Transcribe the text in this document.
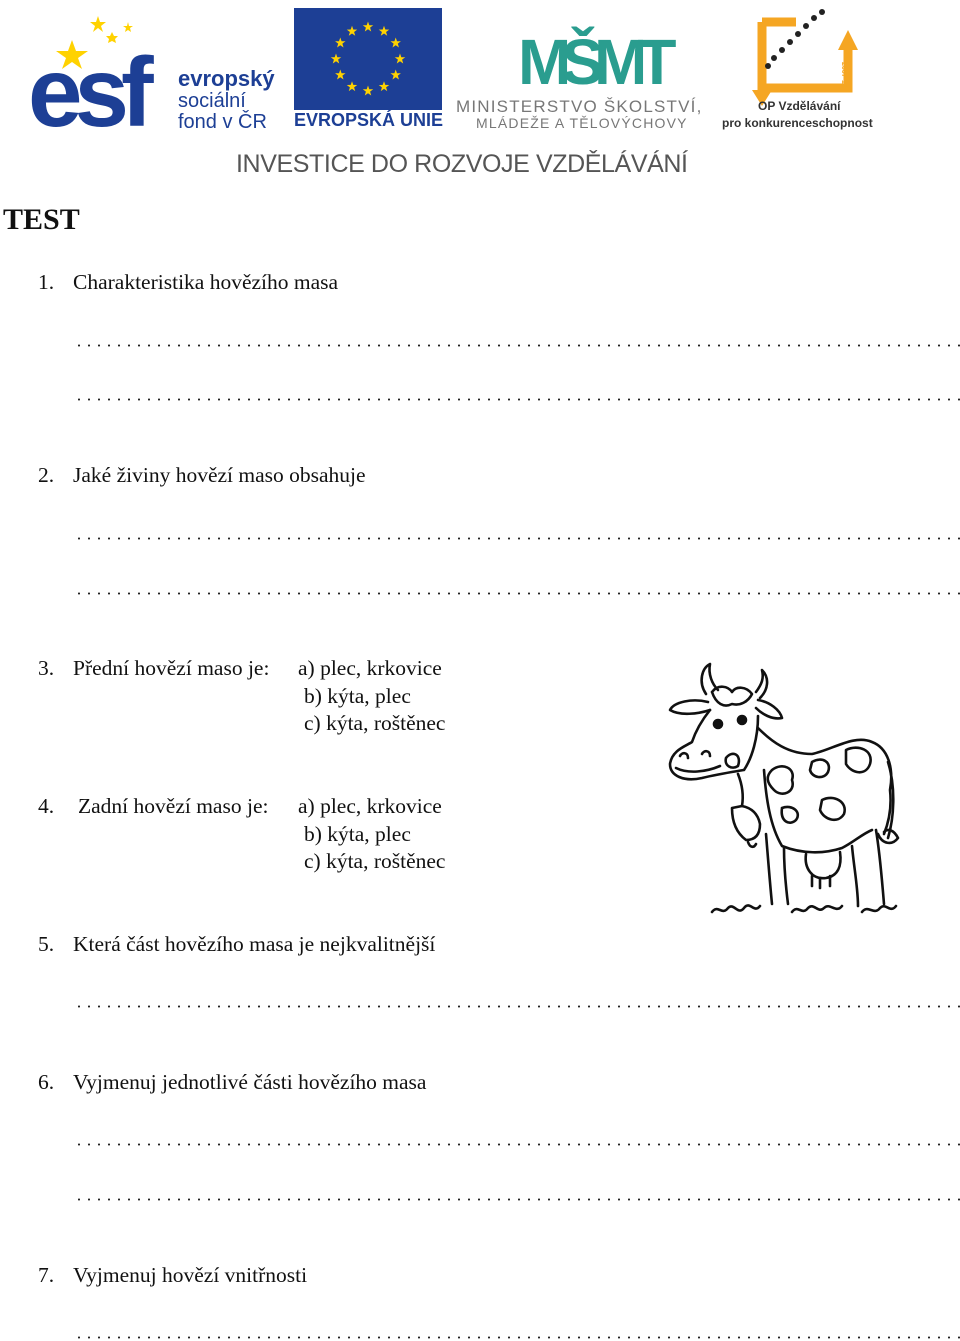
esf	evropský
sociální
fond v ČR EVROPSKÁ UNIE
MŠMT
MINISTERSTVO ŠKOLSTVÍ,
MLÁDEŽE A TĚLOVÝCHOVY
2007-13
OP Vzdělávání
pro konkurenceschopnost
INVESTICE DO ROZVOJE VZDĚLÁVÁNÍ
TEST
1. Charakteristika hovězího masa
2. Jaké živiny hovězí maso obsahuje
3. Přední hovězí maso je: a) plec, krkovice
b) kýta, plec
c) kýta, roštěnec
4. Zadní hovězí maso je: a) plec, krkovice
b) kýta, plec
c) kýta, roštěnec
5. Která část hovězího masa je nejkvalitnější
6. Vyjmenuj jednotlivé části hovězího masa
7. Vyjmenuj hovězí vnitřnosti
